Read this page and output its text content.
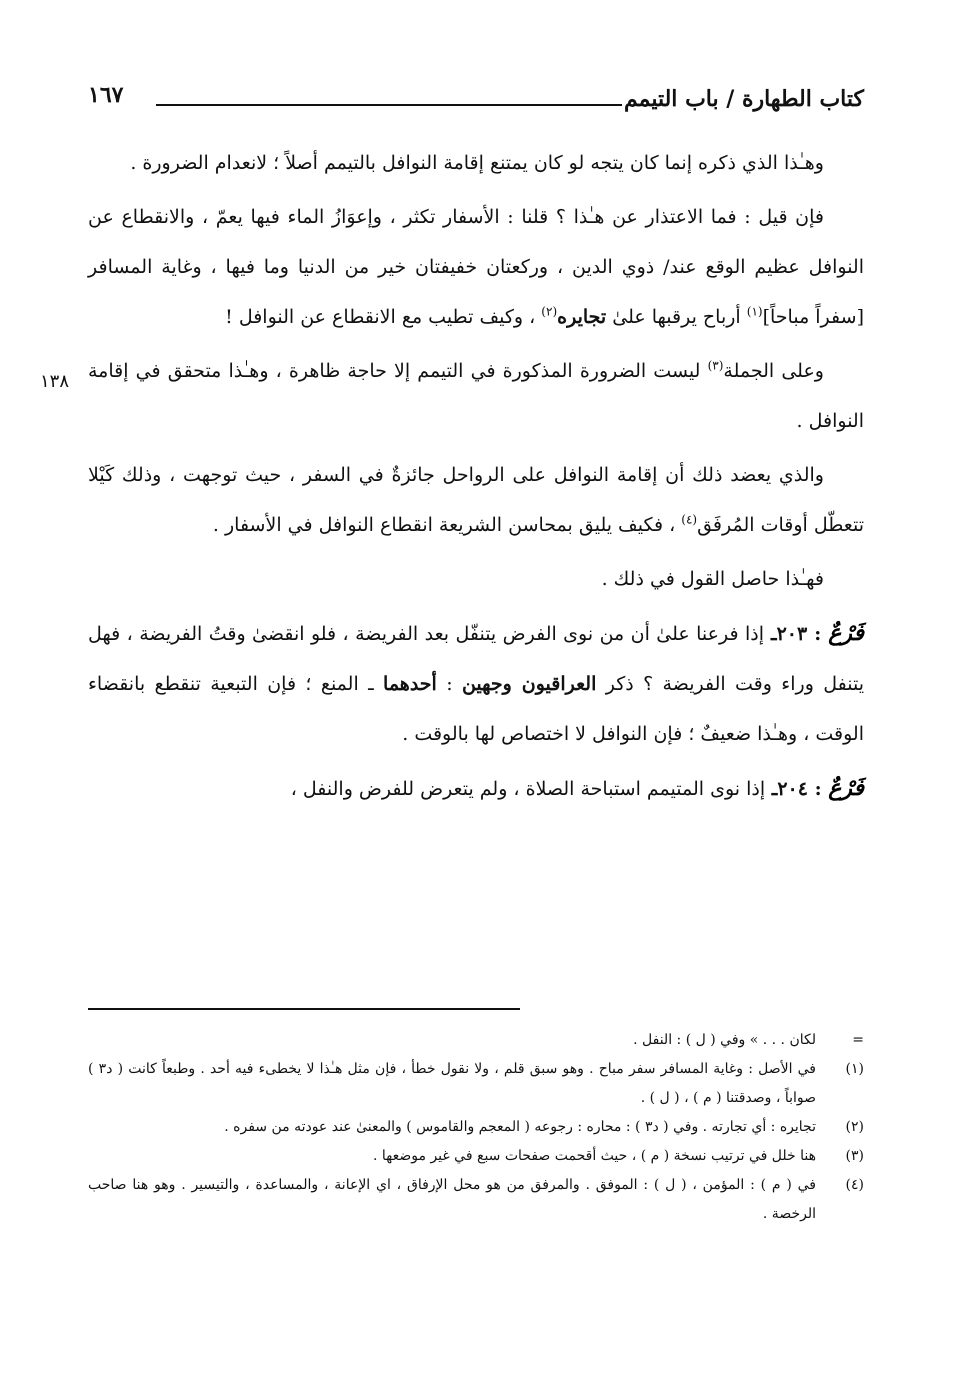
كتاب الطهارة / باب التيمم
١٦٧
١٣٨

وهـٰذا الذي ذكره إنما كان يتجه لو كان يمتنع إقامة النوافل بالتيمم أصلاً ؛ لانعدام الضرورة .

فإن قيل : فما الاعتذار عن هـٰذا ؟ قلنا : الأسفار تكثر ، وإعوَازُ الماء فيها يعمّ ، والانقطاع عن النوافل عظيم الوقع عند/ ذوي الدين ، وركعتان خفيفتان خير من الدنيا وما فيها ، وغاية المسافر [سفراً مباحاً]$^{(١)}$ أرباح يرقبها علىٰ تجايره$^{(٢)}$ ، وكيف تطيب مع الانقطاع عن النوافل !

وعلى الجملة$^{(٣)}$ ليست الضرورة المذكورة في التيمم إلا حاجة ظاهرة ، وهـٰذا متحقق في إقامة النوافل .

والذي يعضد ذلك أن إقامة النوافل على الرواحل جائزةٌ في السفر ، حيث توجهت ، وذلك كَيْلا تتعطّل أوقات المُرفَق$^{(٤)}$ ، فكيف يليق بمحاسن الشريعة انقطاع النوافل في الأسفار .

فهـٰذا حاصل القول في ذلك .

فَرْعٌ : ٢٠٣ـ إذا فرعنا علىٰ أن من نوى الفرض يتنفّل بعد الفريضة ، فلو انقضىٰ وقتُ الفريضة ، فهل يتنفل وراء وقت الفريضة ؟ ذكر العراقيون وجهين : أحدهما ـ المنع ؛ فإن التبعية تنقطع بانقضاء الوقت ، وهـٰذا ضعيفٌ ؛ فإن النوافل لا اختصاص لها بالوقت .

فَرْعٌ : ٢٠٤ـ إذا نوى المتيمم استباحة الصلاة ، ولم يتعرض للفرض والنفل ،

=
لكان . . . » وفي ( ل ) : النفل .

(١)
في الأصل : وغاية المسافر سفر مباح . وهو سبق قلم ، ولا نقول خطأ ، فإن مثل هـٰذا لا يخطىء فيه أحد . وطبعاً كانت ( د٣ ) صواباً ، وصدقتنا ( م ) ، ( ل ) .

(٢)
تجايره : أي تجارته . وفي ( د٣ ) : محاره : رجوعه ( المعجم والقاموس ) والمعنىٰ عند عودته من سفره .

(٣)
هنا خلل في ترتيب نسخة ( م ) ، حيث أقحمت صفحات سبع في غير موضعها .

(٤)
في ( م ) : المؤمن ، ( ل ) : الموفق . والمرفق من هو محل الإرفاق ، اي الإعانة ، والمساعدة ، والتيسير . وهو هنا صاحب الرخصة .
